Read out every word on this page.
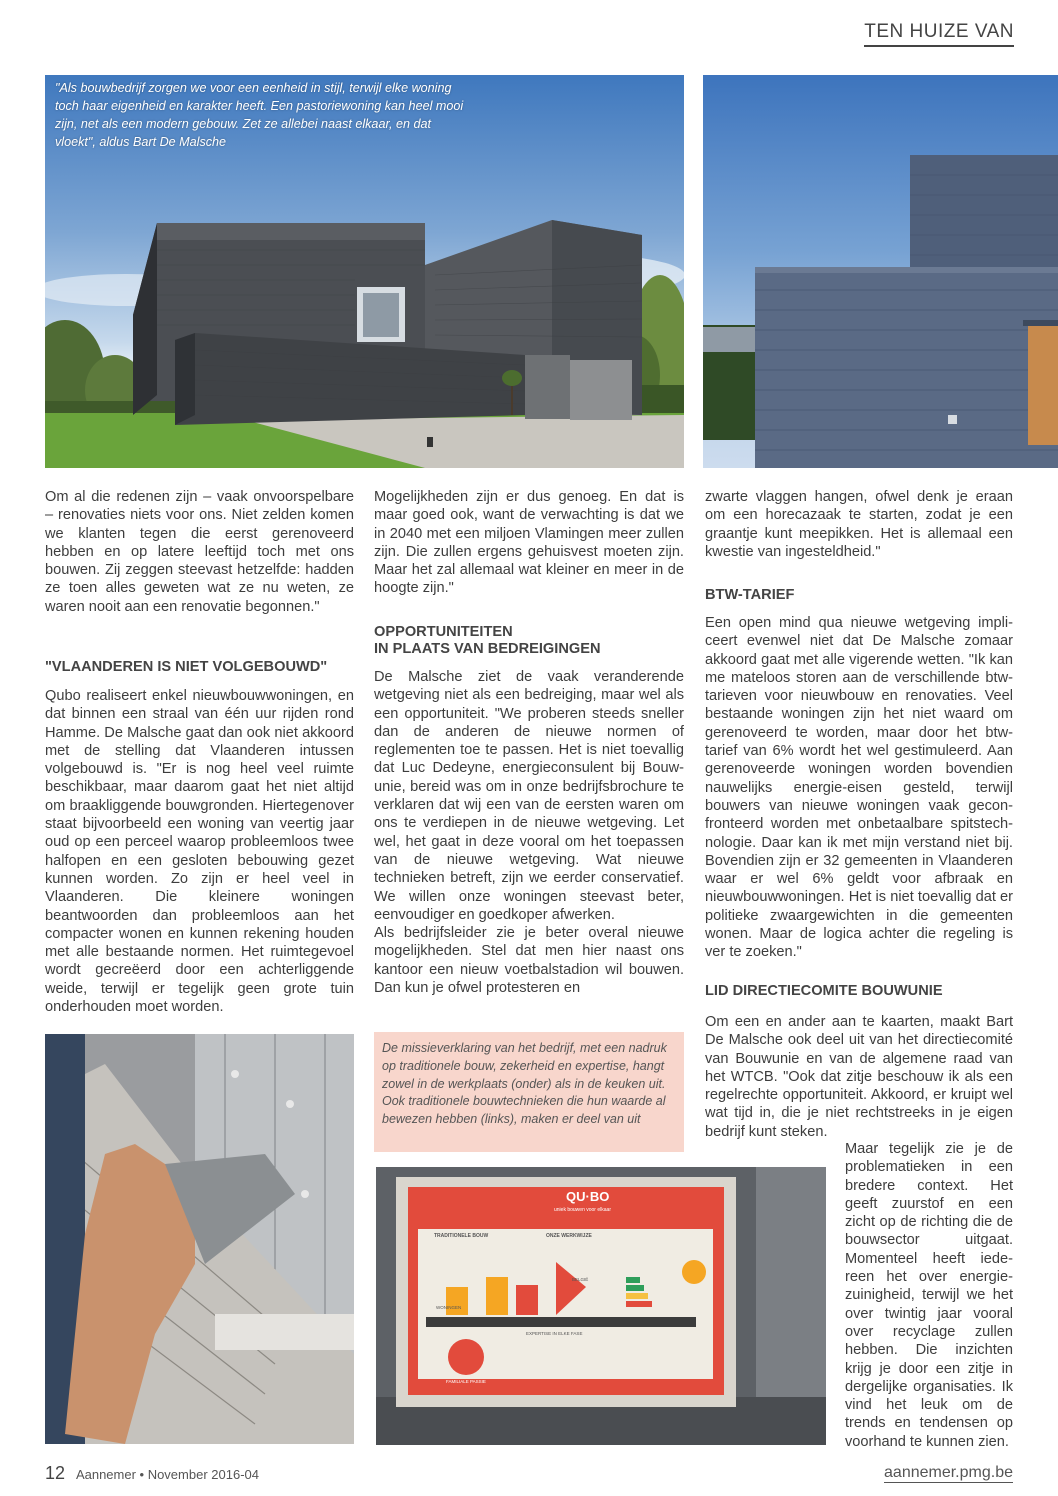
TEN HUIZE VAN
"Als bouwbedrijf zorgen we voor een eenheid in stijl, terwijl elke woning toch haar eigenheid en karakter heeft. Een pastoriewoning kan heel mooi zijn, net als een modern gebouw. Zet ze allebei naast elkaar, en dat vloekt", aldus Bart De Malsche

Om al die redenen zijn – vaak onvoorspelbare – renovaties niets voor ons. Niet zelden komen we klanten tegen die eerst gerenoveerd hebben en op latere leeftijd toch met ons bouwen. Zij zeggen steevast hetzelfde: hadden ze toen alles geweten wat ze nu weten, ze waren nooit aan een renovatie begonnen."

"VLAANDEREN IS NIET VOLGEBOUWD"

Qubo realiseert enkel nieuwbouwwoningen, en dat binnen een straal van één uur rijden rond Hamme. De Malsche gaat dan ook niet akkoord met de stelling dat Vlaanderen intussen volgebouwd is. "Er is nog heel veel ruimte beschikbaar, maar daarom gaat het niet altijd om braakliggende bouwgronden. Hiertegenover staat bijvoorbeeld een woning van veertig jaar oud op een perceel waarop probleemloos twee halfopen en een gesloten bebouwing gezet kunnen worden. Zo zijn er heel veel in Vlaanderen. Die kleinere woningen beantwoorden dan probleemloos aan het compacter wonen en kunnen rekening houden met alle bestaande normen. Het ruimtegevoel wordt gecreëerd door een achterliggende weide, terwijl er tegelijk geen grote tuin onderhouden moet worden.

Mogelijkheden zijn er dus genoeg. En dat is maar goed ook, want de verwachting is dat we in 2040 met een miljoen Vlamingen meer zullen zijn. Die zullen ergens gehuisvest moeten zijn. Maar het zal allemaal wat kleiner en meer in de hoogte zijn."

OPPORTUNITEITEN
IN PLAATS VAN BEDREIGINGEN

De Malsche ziet de vaak veranderende wetgeving niet als een bedreiging, maar wel als een opportuniteit. "We proberen steeds sneller dan de anderen de nieuwe normen of reglementen toe te passen. Het is niet toevallig dat Luc Dedeyne, energieconsulent bij Bouwunie, bereid was om in onze bedrijfsbrochure te verklaren dat wij een van de eersten waren om ons te verdiepen in de nieuwe wetgeving. Let wel, het gaat in deze vooral om het toepassen van de nieuwe wetgeving. Wat nieuwe technieken betreft, zijn we eerder conservatief. We willen onze woningen steevast beter, eenvoudiger en goedkoper afwerken.

Als bedrijfsleider zie je beter overal nieuwe mogelijkheden. Stel dat men hier naast ons kantoor een nieuw voetbalstadion wil bouwen. Dan kun je ofwel protesteren en

De missieverklaring van het bedrijf, met een nadruk op traditionele bouw, zekerheid en expertise, hangt zowel in de werkplaats (onder) als in de keuken uit. Ook traditionele bouwtechnieken die hun waarde al bewezen hebben (links), maken er deel van uit

zwarte vlaggen hangen, ofwel denk je eraan om een horecazaak te starten, zodat je een graantje kunt meepikken. Het is allemaal een kwestie van ingesteldheid."

BTW-TARIEF

Een open mind qua nieuwe wetgeving impliceert evenwel niet dat De Malsche zomaar akkoord gaat met alle vigerende wetten. "Ik kan me mateloos storen aan de verschillende btw-tarieven voor nieuwbouw en renovaties. Veel bestaande woningen zijn het niet waard om gerenoveerd te worden, maar door het btw-tarief van 6% wordt het wel gestimuleerd. Aan gerenoveerde woningen worden bovendien nauwelijks energie-eisen gesteld, terwijl bouwers van nieuwe woningen vaak geconfronteerd worden met onbetaalbare spitstechnologie. Daar kan ik met mijn verstand niet bij. Bovendien zijn er 32 gemeenten in Vlaanderen waar er wel 6% geldt voor afbraak en nieuwbouwwoningen. Het is niet toevallig dat er politieke zwaargewichten in die gemeenten wonen. Maar de logica achter die regeling is ver te zoeken."

LID DIRECTIECOMITE BOUWUNIE

Om een en ander aan te kaarten, maakt Bart De Malsche ook deel uit van het directiecomité van Bouwunie en van de algemene raad van het WTCB. "Ook dat zitje beschouw ik als een regelrechte opportuniteit. Akkoord, er kruipt wel wat tijd in, die je niet rechtstreeks in je eigen bedrijf kunt steken.

Maar tegelijk zie je de problematieken in een bredere context. Het geeft zuurstof en een zicht op de richting die de bouwsector uitgaat. Momenteel heeft iedereen het over energiezuinigheid, terwijl we het over twintig jaar vooral over recyclage zullen hebben. Die inzichten krijg je door een zitje in dergelijke organisaties. Ik vind het leuk om de trends en tendensen op voorhand te kunnen zien.

QU·BO
uniek bouwen voor elkaar
TRADITIONELE BOUW	ONZE WERKWIJZE
WONINGEN
BELGIË
EXPERTISE IN ELKE FASE
FAMILIALE PASSIE
12 Aannemer • November 2016-04	aannemer.pmg.be
